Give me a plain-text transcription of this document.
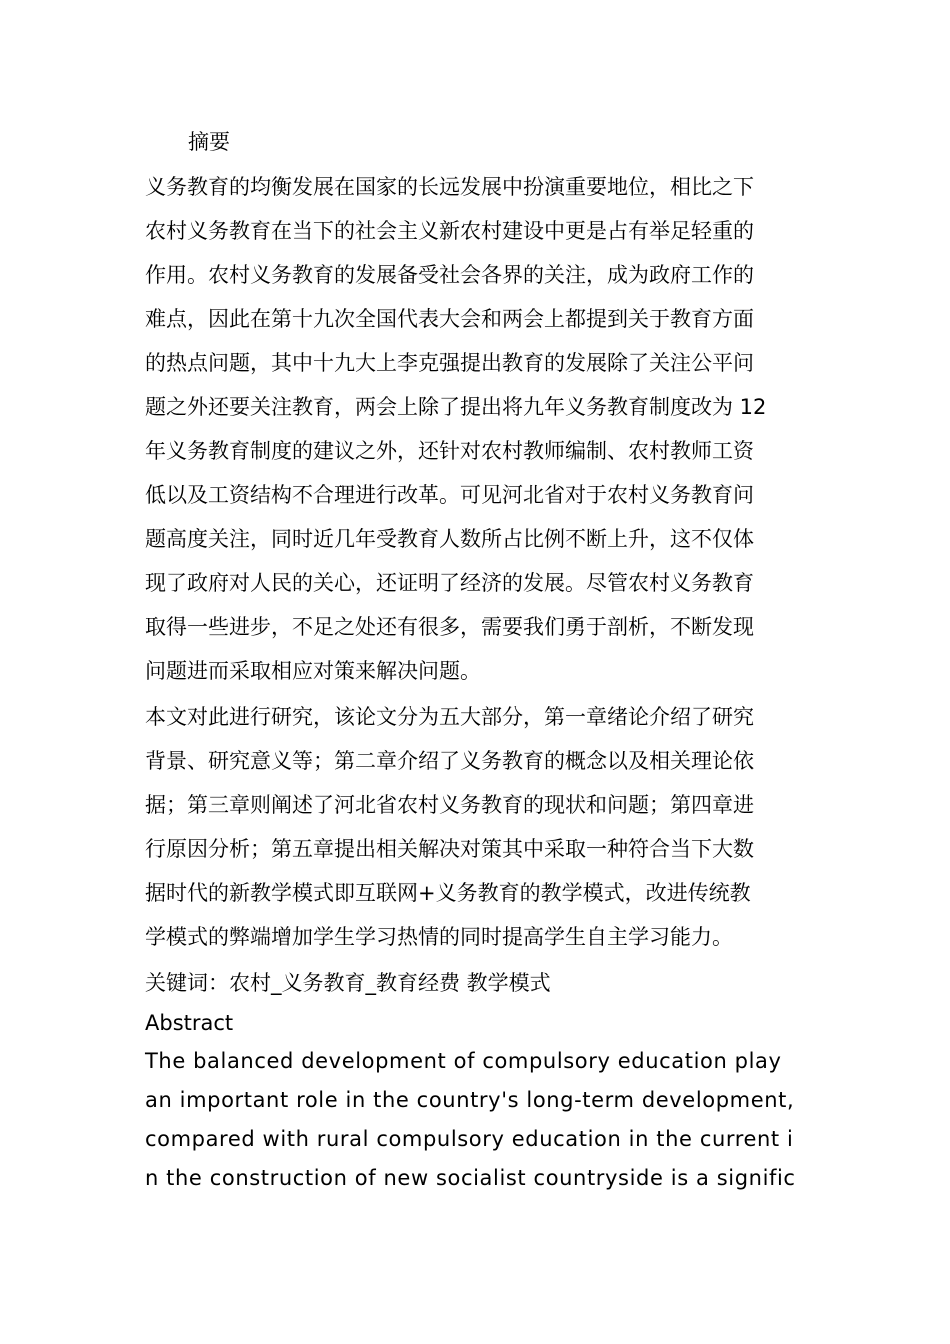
摘要
义务教育的均衡发展在国家的长远发展中扮演重要地位，相比之下
农村义务教育在当下的社会主义新农村建设中更是占有举足轻重的
作用。农村义务教育的发展备受社会各界的关注，成为政府工作的
难点，因此在第十九次全国代表大会和两会上都提到关于教育方面
的热点问题，其中十九大上李克强提出教育的发展除了关注公平问
题之外还要关注教育，两会上除了提出将九年义务教育制度改为 12
年义务教育制度的建议之外，还针对农村教师编制、农村教师工资
低以及工资结构不合理进行改革。可见河北省对于农村义务教育问
题高度关注，同时近几年受教育人数所占比例不断上升，这不仅体
现了政府对人民的关心，还证明了经济的发展。尽管农村义务教育
取得一些进步，不足之处还有很多，需要我们勇于剖析，不断发现
问题进而采取相应对策来解决问题。
本文对此进行研究，该论文分为五大部分，第一章绪论介绍了研究
背景、研究意义等；第二章介绍了义务教育的概念以及相关理论依
据；第三章则阐述了河北省农村义务教育的现状和问题；第四章进
行原因分析；第五章提出相关解决对策其中采取一种符合当下大数
据时代的新教学模式即互联网+义务教育的教学模式，改进传统教
学模式的弊端增加学生学习热情的同时提高学生自主学习能力。
关键词：农村_义务教育_教育经费 教学模式
Abstract
The balanced development of compulsory education play
an important role in the country's long-term development,
compared with rural compulsory education in the current i
n the construction of new socialist countryside is a signific
